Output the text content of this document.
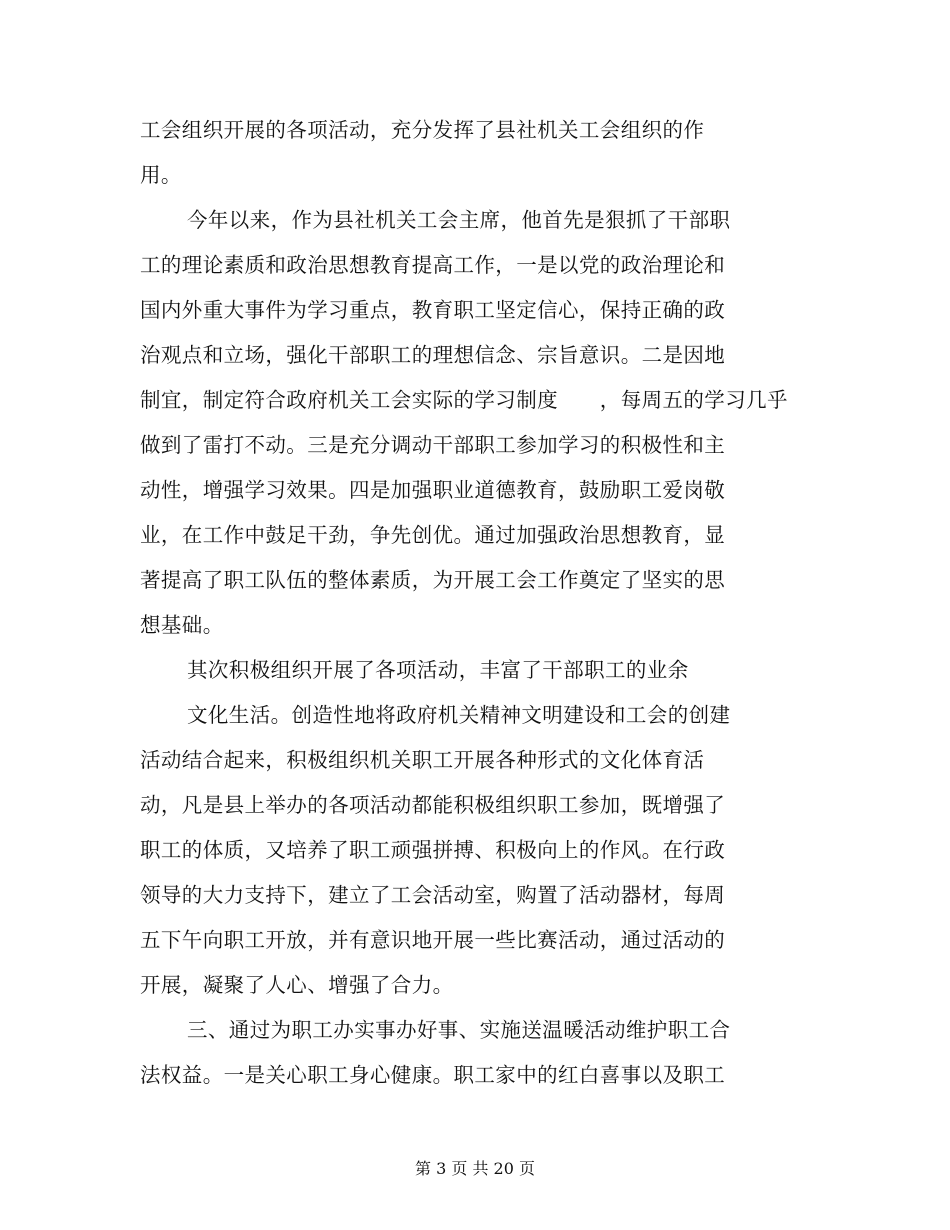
工会组织开展的各项活动，充分发挥了县社机关工会组织的作
用。
今年以来，作为县社机关工会主席，他首先是狠抓了干部职
工的理论素质和政治思想教育提高工作，一是以党的政治理论和
国内外重大事件为学习重点，教育职工坚定信心，保持正确的政
治观点和立场，强化干部职工的理想信念、宗旨意识。二是因地
制宜，制定符合政府机关工会实际的学习制度　　，每周五的学习几乎
做到了雷打不动。三是充分调动干部职工参加学习的积极性和主
动性，增强学习效果。四是加强职业道德教育，鼓励职工爱岗敬
业，在工作中鼓足干劲，争先创优。通过加强政治思想教育，显
著提高了职工队伍的整体素质，为开展工会工作奠定了坚实的思
想基础。
其次积极组织开展了各项活动，丰富了干部职工的业余
文化生活。创造性地将政府机关精神文明建设和工会的创建
活动结合起来，积极组织机关职工开展各种形式的文化体育活
动，凡是县上举办的各项活动都能积极组织职工参加，既增强了
职工的体质，又培养了职工顽强拼搏、积极向上的作风。在行政
领导的大力支持下，建立了工会活动室，购置了活动器材，每周
五下午向职工开放，并有意识地开展一些比赛活动，通过活动的
开展，凝聚了人心、增强了合力。
三、通过为职工办实事办好事、实施送温暖活动维护职工合
法权益。一是关心职工身心健康。职工家中的红白喜事以及职工
第 3 页 共 20 页
